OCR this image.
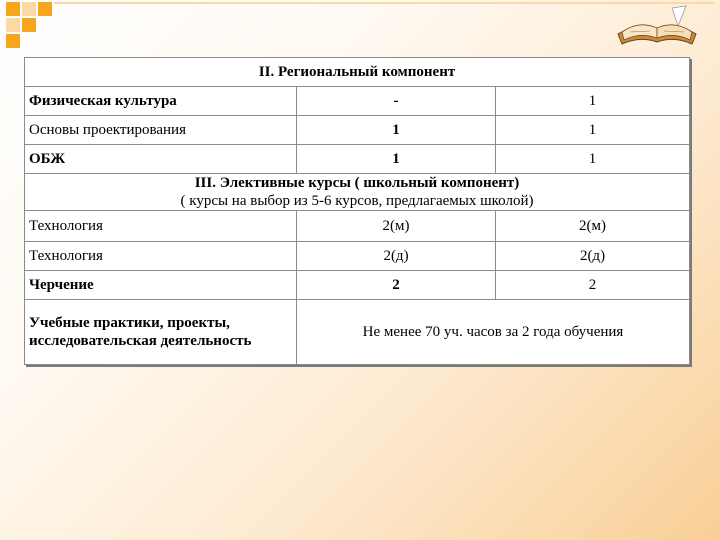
II. Региональный компонент		
Физическая культура	-	1
Основы проектирования	1	1
ОБЖ	1	1

III. Элективные курсы ( школьный компонент)
( курсы на выбор из 5-6 курсов, предлагаемых школой)		

Технология	2(м)	2(м)
Технология	2(д)	2(д)
Черчение	2	2
Учебные практики, проекты, исследовательская деятельность	Не менее 70 уч. часов за 2 года обучения	
